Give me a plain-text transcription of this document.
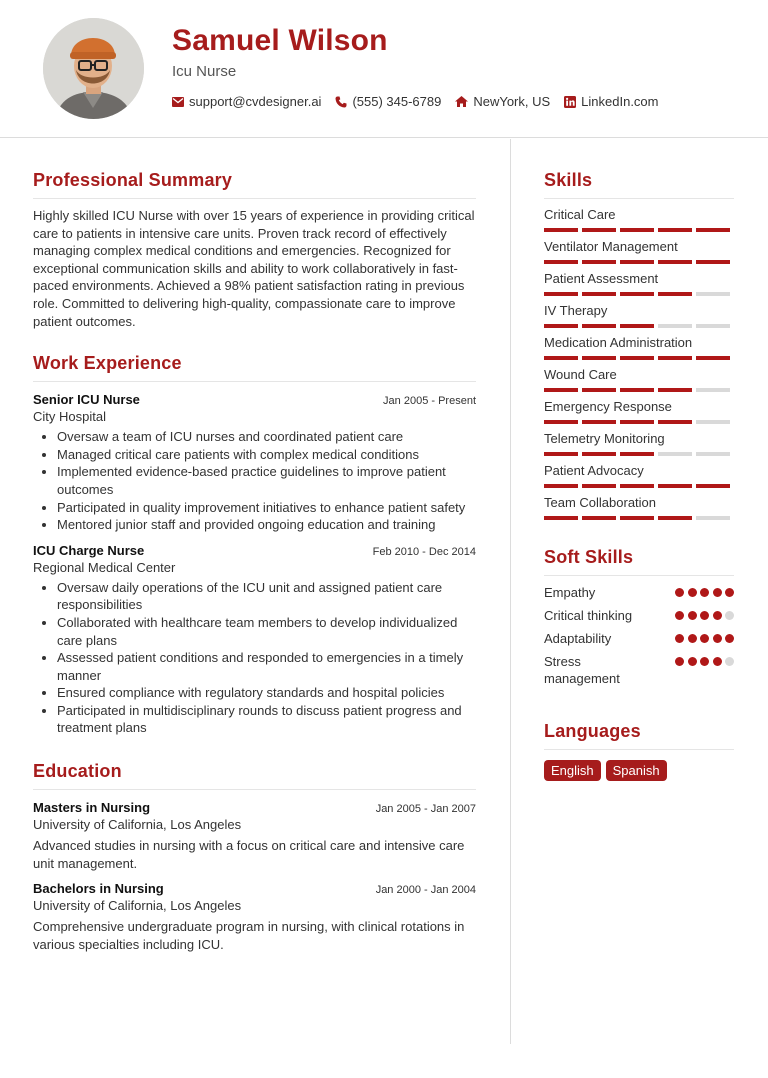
Samuel Wilson
Icu Nurse
support@cvdesigner.ai (555) 345-6789 NewYork, US LinkedIn.com
Professional Summary

Highly skilled ICU Nurse with over 15 years of experience in providing critical care to patients in intensive care units. Proven track record of effectively managing complex medical conditions and emergencies. Recognized for exceptional communication skills and ability to work collaboratively in fast-paced environments. Achieved a 98% patient satisfaction rating in previous role. Committed to delivering high-quality, compassionate care to improve patient outcomes.

Work Experience
Senior ICU Nurse	Jan 2005 - Present
City Hospital
• Oversaw a team of ICU nurses and coordinated patient care
• Managed critical care patients with complex medical conditions
• Implemented evidence-based practice guidelines to improve patient outcomes
• Participated in quality improvement initiatives to enhance patient safety
• Mentored junior staff and provided ongoing education and training
ICU Charge Nurse	Feb 2010 - Dec 2014
Regional Medical Center
• Oversaw daily operations of the ICU unit and assigned patient care responsibilities
• Collaborated with healthcare team members to develop individualized care plans
• Assessed patient conditions and responded to emergencies in a timely manner
• Ensured compliance with regulatory standards and hospital policies
• Participated in multidisciplinary rounds to discuss patient progress and treatment plans
Education
Masters in Nursing	Jan 2005 - Jan 2007
University of California, Los Angeles

Advanced studies in nursing with a focus on critical care and intensive care unit management.

Bachelors in Nursing	Jan 2000 - Jan 2004
University of California, Los Angeles

Comprehensive undergraduate program in nursing, with clinical rotations in various specialties including ICU.

Skills
Critical Care
Ventilator Management
Patient Assessment
IV Therapy
Medication Administration
Wound Care
Emergency Response
Telemetry Monitoring
Patient Advocacy
Team Collaboration
Soft Skills
Empathy
Critical thinking
Adaptability
Stress management
Languages
English	Spanish
